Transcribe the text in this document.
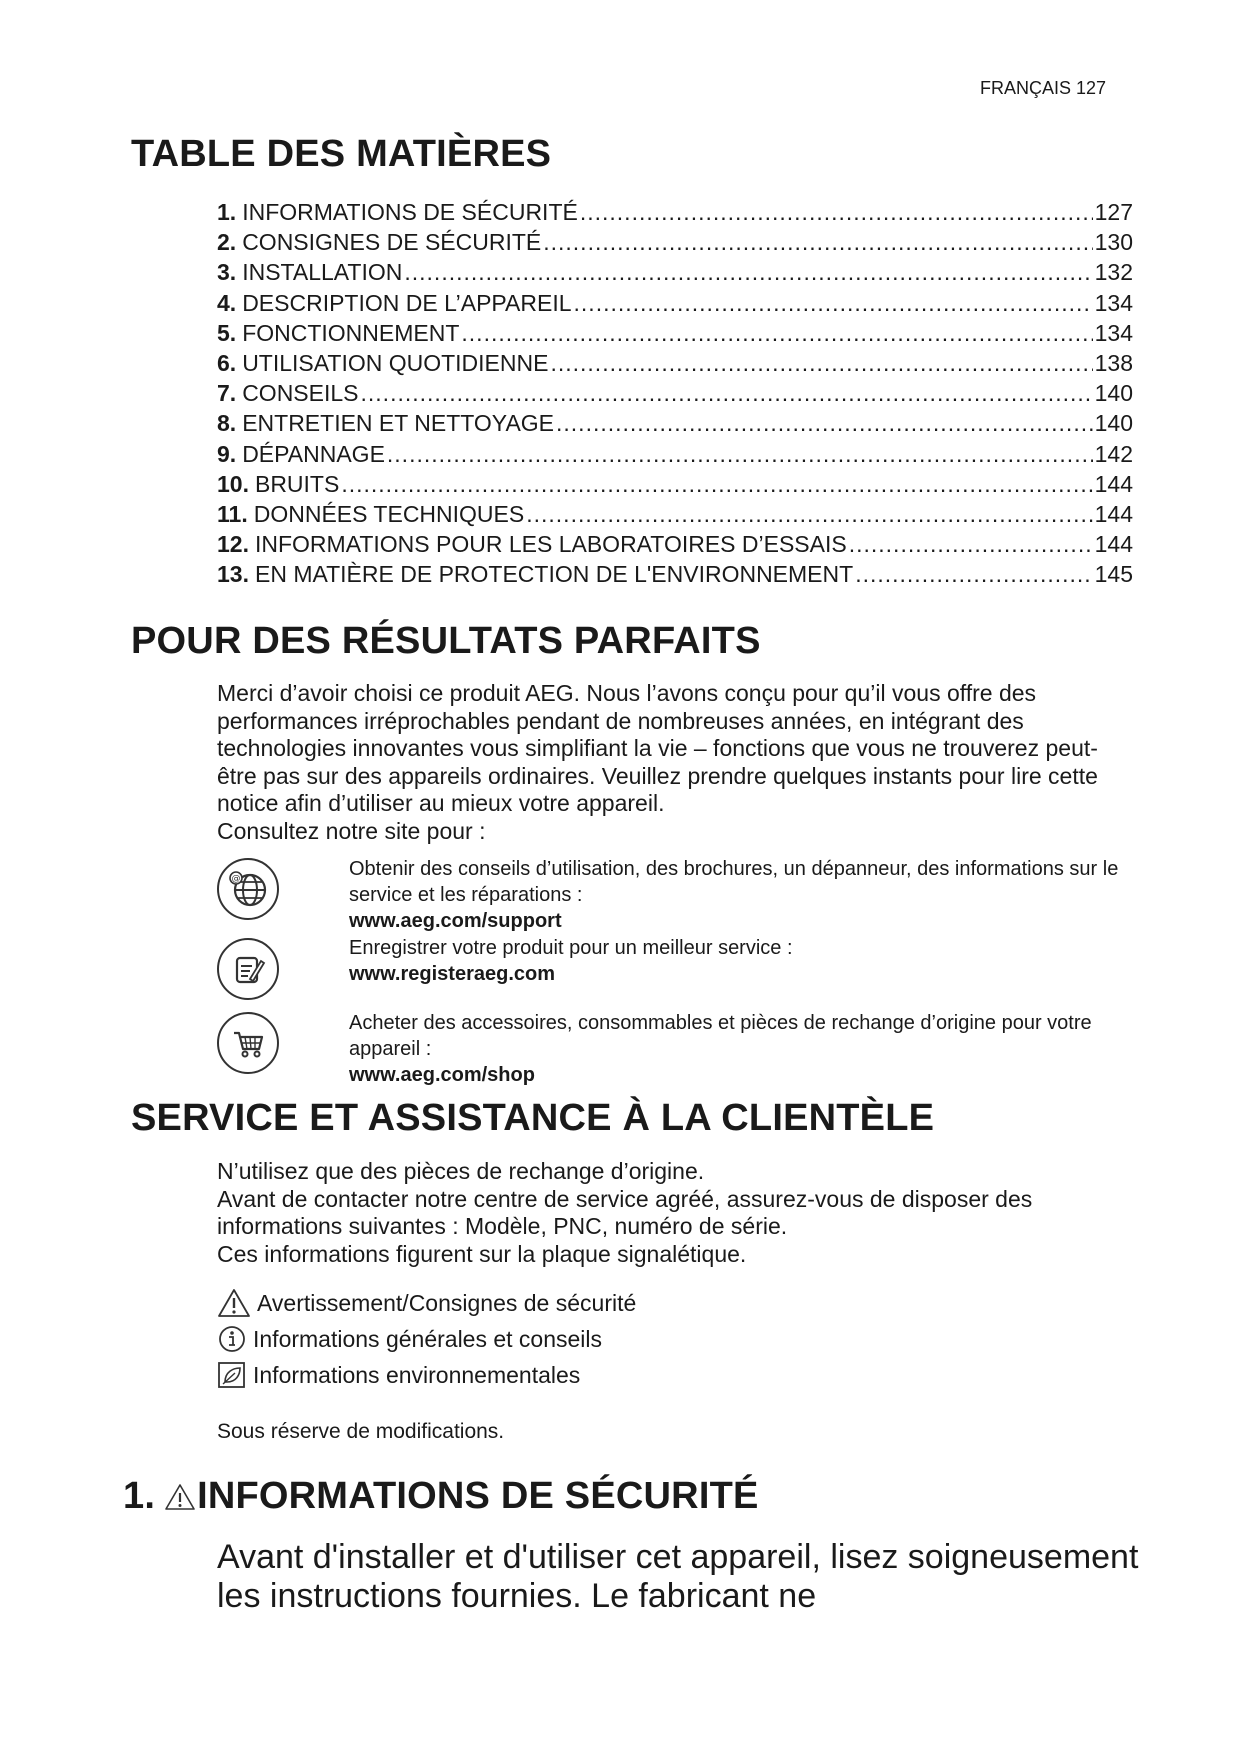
FRANÇAIS 127
TABLE DES MATIÈRES
1. INFORMATIONS DE SÉCURITÉ .....	127
2. CONSIGNES DE SÉCURITÉ .....	130
3. INSTALLATION .....	132
4. DESCRIPTION DE L’APPAREIL .....	134
5. FONCTIONNEMENT .....	134
6. UTILISATION QUOTIDIENNE .....	138
7. CONSEILS .....	140
8. ENTRETIEN ET NETTOYAGE .....	140
9. DÉPANNAGE .....	142
10. BRUITS .....	144
11. DONNÉES TECHNIQUES .....	144
12. INFORMATIONS POUR LES LABORATOIRES D’ESSAIS .....	144
13. EN MATIÈRE DE PROTECTION DE L'ENVIRONNEMENT .....	145
POUR DES RÉSULTATS PARFAITS

Merci d’avoir choisi ce produit AEG. Nous l’avons conçu pour qu’il vous offre des performances irréprochables pendant de nombreuses années, en intégrant des technologies innovantes vous simplifiant la vie – fonctions que vous ne trouverez peut-être pas sur des appareils ordinaires. Veuillez prendre quelques instants pour lire cette notice afin d’utiliser au mieux votre appareil.

Consultez notre site pour :

@	Obtenir des conseils d’utilisation, des brochures, un dépanneur, des informations sur le service et les réparations :
www.aeg.com/support
Enregistrer votre produit pour un meilleur service :
www.registeraeg.com
Acheter des accessoires, consommables et pièces de rechange d’origine pour votre appareil :
www.aeg.com/shop
SERVICE ET ASSISTANCE À LA CLIENTÈLE

N’utilisez que des pièces de rechange d’origine.

Avant de contacter notre centre de service agréé, assurez-vous de disposer des informations suivantes : Modèle, PNC, numéro de série.

Ces informations figurent sur la plaque signalétique.

Avertissement/Consignes de sécurité
Informations générales et conseils
Informations environnementales
Sous réserve de modifications.
1. INFORMATIONS DE SÉCURITÉ
Avant d'installer et d'utiliser cet appareil, lisez soigneusement les instructions fournies. Le fabricant ne
